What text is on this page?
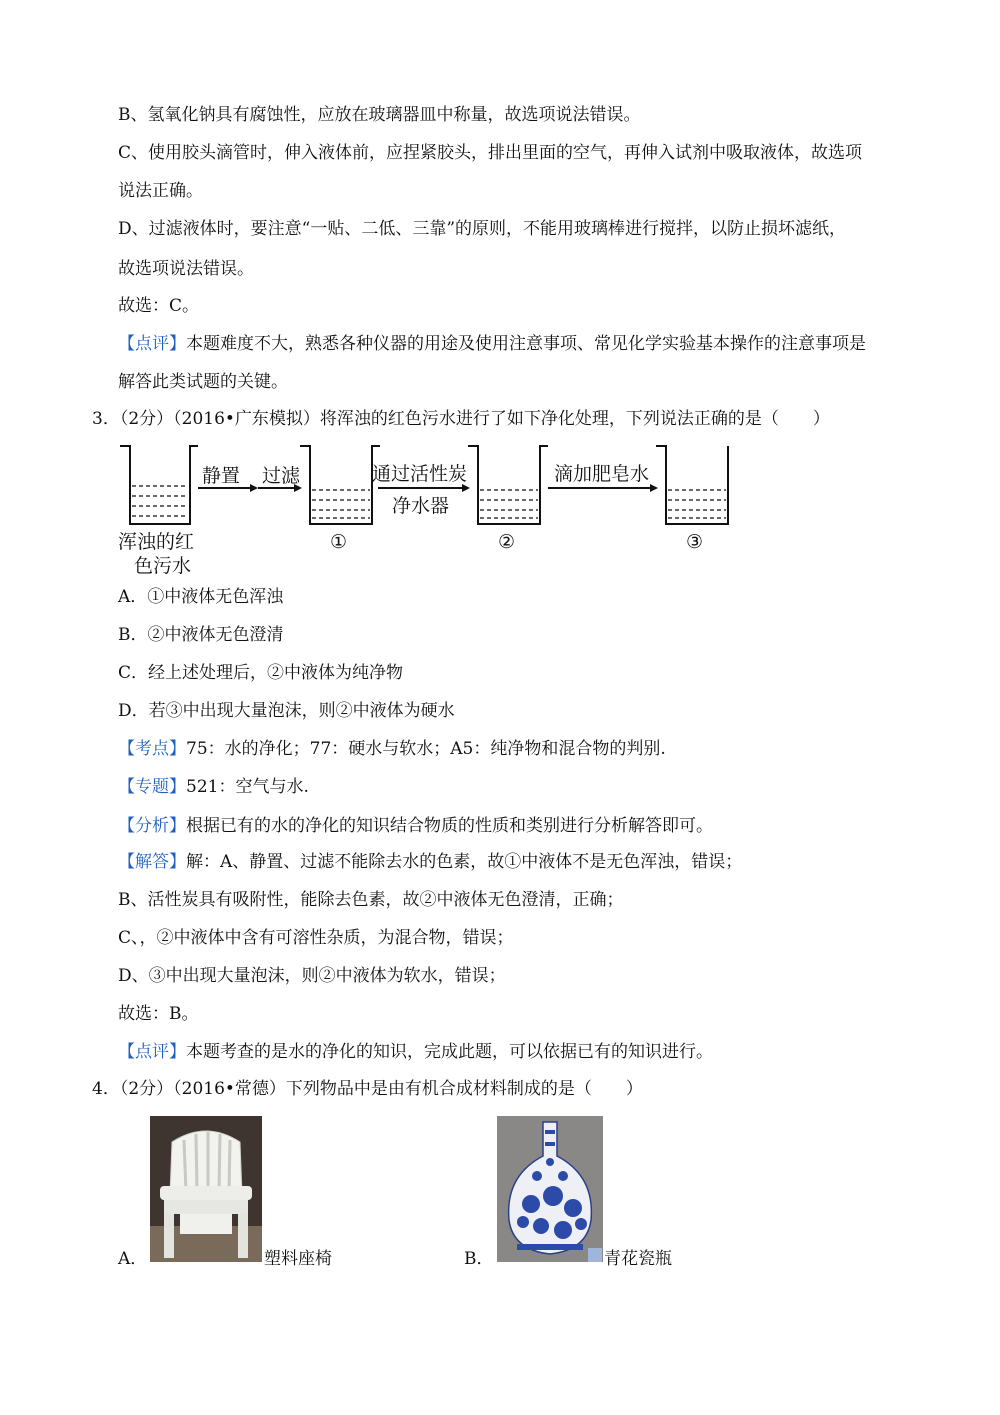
B、氢氧化钠具有腐蚀性，应放在玻璃器皿中称量，故选项说法错误。
C、使用胶头滴管时，伸入液体前，应捏紧胶头，排出里面的空气，再伸入试剂中吸取液体，故选项
说法正确。
D、过滤液体时，要注意“一贴、二低、三靠”的原则，不能用玻璃棒进行搅拌，以防止损坏滤纸，
故选项说法错误。
故选：C。
【点评】本题难度不大，熟悉各种仪器的用途及使用注意事项、常见化学实验基本操作的注意事项是
解答此类试题的关键。
3．（2分）（2016•广东模拟）将浑浊的红色污水进行了如下净化处理，下列说法正确的是（　　）
静置 过滤	通过活性炭
净水器
滴加肥皂水
浑浊的红
色污水
①	②	③
A．①中液体无色浑浊
B．②中液体无色澄清
C．经上述处理后，②中液体为纯净物
D．若③中出现大量泡沫，则②中液体为硬水
【考点】75：水的净化；77：硬水与软水；A5：纯净物和混合物的判别.
【专题】521：空气与水.
【分析】根据已有的水的净化的知识结合物质的性质和类别进行分析解答即可。
【解答】解：A、静置、过滤不能除去水的色素，故①中液体不是无色浑浊，错误；
B、活性炭具有吸附性，能除去色素，故②中液体无色澄清，正确；
C、，②中液体中含有可溶性杂质，为混合物，错误；
D、③中出现大量泡沫，则②中液体为软水，错误；
故选：B。
【点评】本题考查的是水的净化的知识，完成此题，可以依据已有的知识进行。
4．（2分）（2016•常德）下列物品中是由有机合成材料制成的是（　　）
A．	塑料座椅	B．	青花瓷瓶
